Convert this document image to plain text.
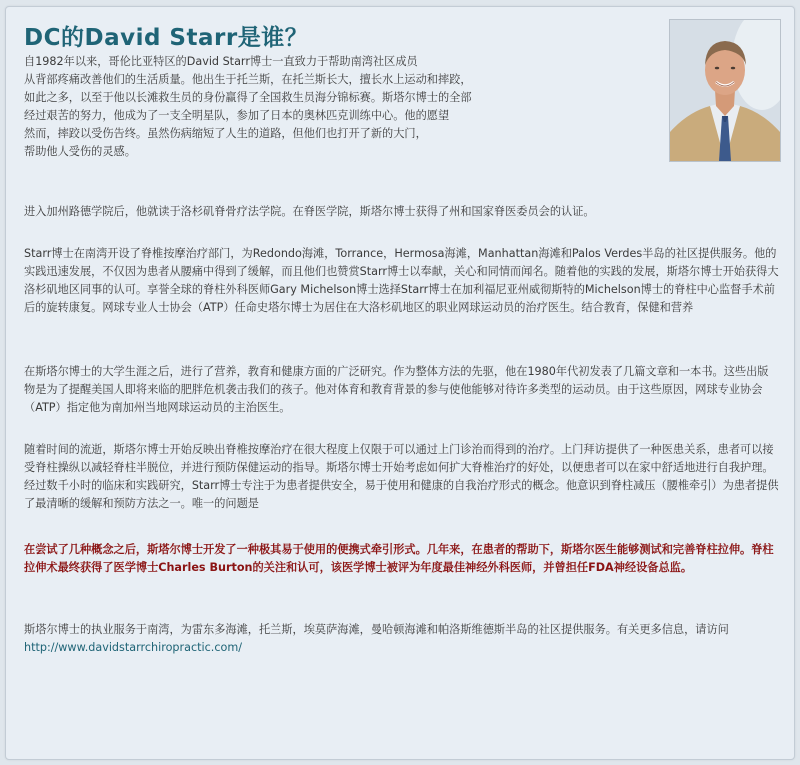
DC的David Starr是谁？
自1982年以来，哥伦比亚特区的David Starr博士一直致力于帮助南湾社区成员
从背部疼痛改善他们的生活质量。他出生于托兰斯，在托兰斯长大，擅长水上运动和摔跤，
如此之多，以至于他以长滩救生员的身份赢得了全国救生员海分锦标赛。斯塔尔博士的全部
经过艰苦的努力，他成为了一支全明星队，参加了日本的奥林匹克训练中心。他的愿望
然而，摔跤以受伤告终。虽然伤病缩短了人生的道路，但他们也打开了新的大门，
帮助他人受伤的灵感。

进入加州路德学院后，他就读于洛杉矶脊骨疗法学院。在脊医学院，斯塔尔博士获得了州和国家脊医委员会的认证。

Starr博士在南湾开设了脊椎按摩治疗部门，为Redondo海滩，Torrance，Hermosa海滩，Manhattan海滩和Palos Verdes半岛的社区提供服务。他的实践迅速发展，不仅因为患者从腰痛中得到了缓解，而且他们也赞赏Starr博士以奉献，关心和同情而闻名。随着他的实践的发展，斯塔尔博士开始获得大洛杉矶地区同事的认可。享誉全球的脊柱外科医师Gary Michelson博士选择Starr博士在加利福尼亚州威彻斯特的Michelson博士的脊柱中心监督手术前后的旋转康复。网球专业人士协会（ATP）任命史塔尔博士为居住在大洛杉矶地区的职业网球运动员的治疗医生。结合教育，保健和营养

在斯塔尔博士的大学生涯之后，进行了营养，教育和健康方面的广泛研究。作为整体方法的先驱，他在1980年代初发表了几篇文章和一本书。这些出版物是为了提醒美国人即将来临的肥胖危机袭击我们的孩子。他对体育和教育背景的参与使他能够对待许多类型的运动员。由于这些原因，网球专业协会（ATP）指定他为南加州当地网球运动员的主治医生。

随着时间的流逝，斯塔尔博士开始反映出脊椎按摩治疗在很大程度上仅限于可以通过上门诊治而得到的治疗。上门拜访提供了一种医患关系，患者可以接受脊柱操纵以减轻脊柱半脱位，并进行预防保健运动的指导。斯塔尔博士开始考虑如何扩大脊椎治疗的好处，以便患者可以在家中舒适地进行自我护理。经过数千小时的临床和实践研究，Starr博士专注于为患者提供安全，易于使用和健康的自我治疗形式的概念。他意识到脊柱减压（腰椎牵引）为患者提供了最清晰的缓解和预防方法之一。唯一的问题是

在尝试了几种概念之后，斯塔尔博士开发了一种极其易于使用的便携式牵引形式。几年来，在患者的帮助下，斯塔尔医生能够测试和完善脊柱拉伸。脊柱拉伸术最终获得了医学博士Charles Burton的关注和认可，该医学博士被评为年度最佳神经外科医师，并曾担任FDA神经设备总监。

斯塔尔博士的执业服务于南湾，为雷东多海滩，托兰斯，埃莫萨海滩，曼哈顿海滩和帕洛斯维德斯半岛的社区提供服务。有关更多信息，请访问 http://www.davidstarrchiropractic.com/
